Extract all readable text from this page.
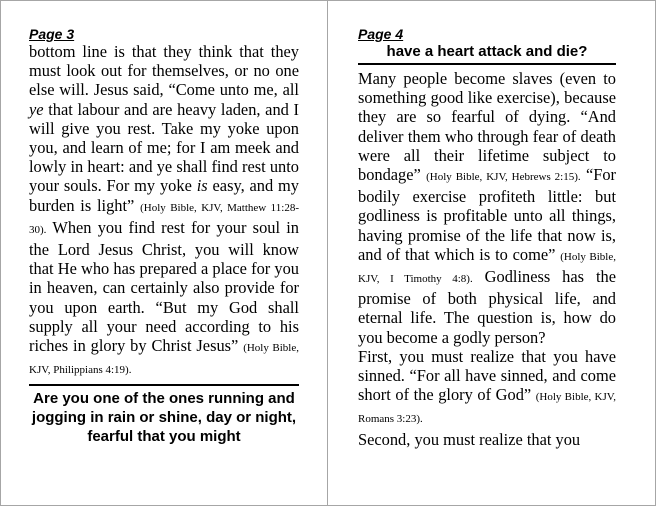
Page 3

bottom line is that they think that they must look out for themselves, or no one else will. Jesus said, “Come unto me, all ye that labour and are heavy laden, and I will give you rest. Take my yoke upon you, and learn of me; for I am meek and lowly in heart: and ye shall find rest unto your souls. For my yoke is easy, and my burden is light” (Holy Bible, KJV, Matthew 11:28-30). When you find rest for your soul in the Lord Jesus Christ, you will know that He who has prepared a place for you in heaven, can certainly also provide for you upon earth. “But my God shall supply all your need according to his riches in glory by Christ Jesus” (Holy Bible, KJV, Philippians 4:19).

Are you one of the ones running and jogging in rain or shine, day or night, fearful that you might
Page 4
have a heart attack and die?

Many people become slaves (even to something good like exercise), because they are so fearful of dying. “And deliver them who through fear of death were all their lifetime subject to bondage” (Holy Bible, KJV, Hebrews 2:15). “For bodily exercise profiteth little: but godliness is profitable unto all things, having promise of the life that now is, and of that which is to come” (Holy Bible, KJV, I Timothy 4:8). Godliness has the promise of both physical life, and eternal life. The question is, how do you become a godly person?

First, you must realize that you have sinned. “For all have sinned, and come short of the glory of God” (Holy Bible, KJV, Romans 3:23).

Second, you must realize that you
